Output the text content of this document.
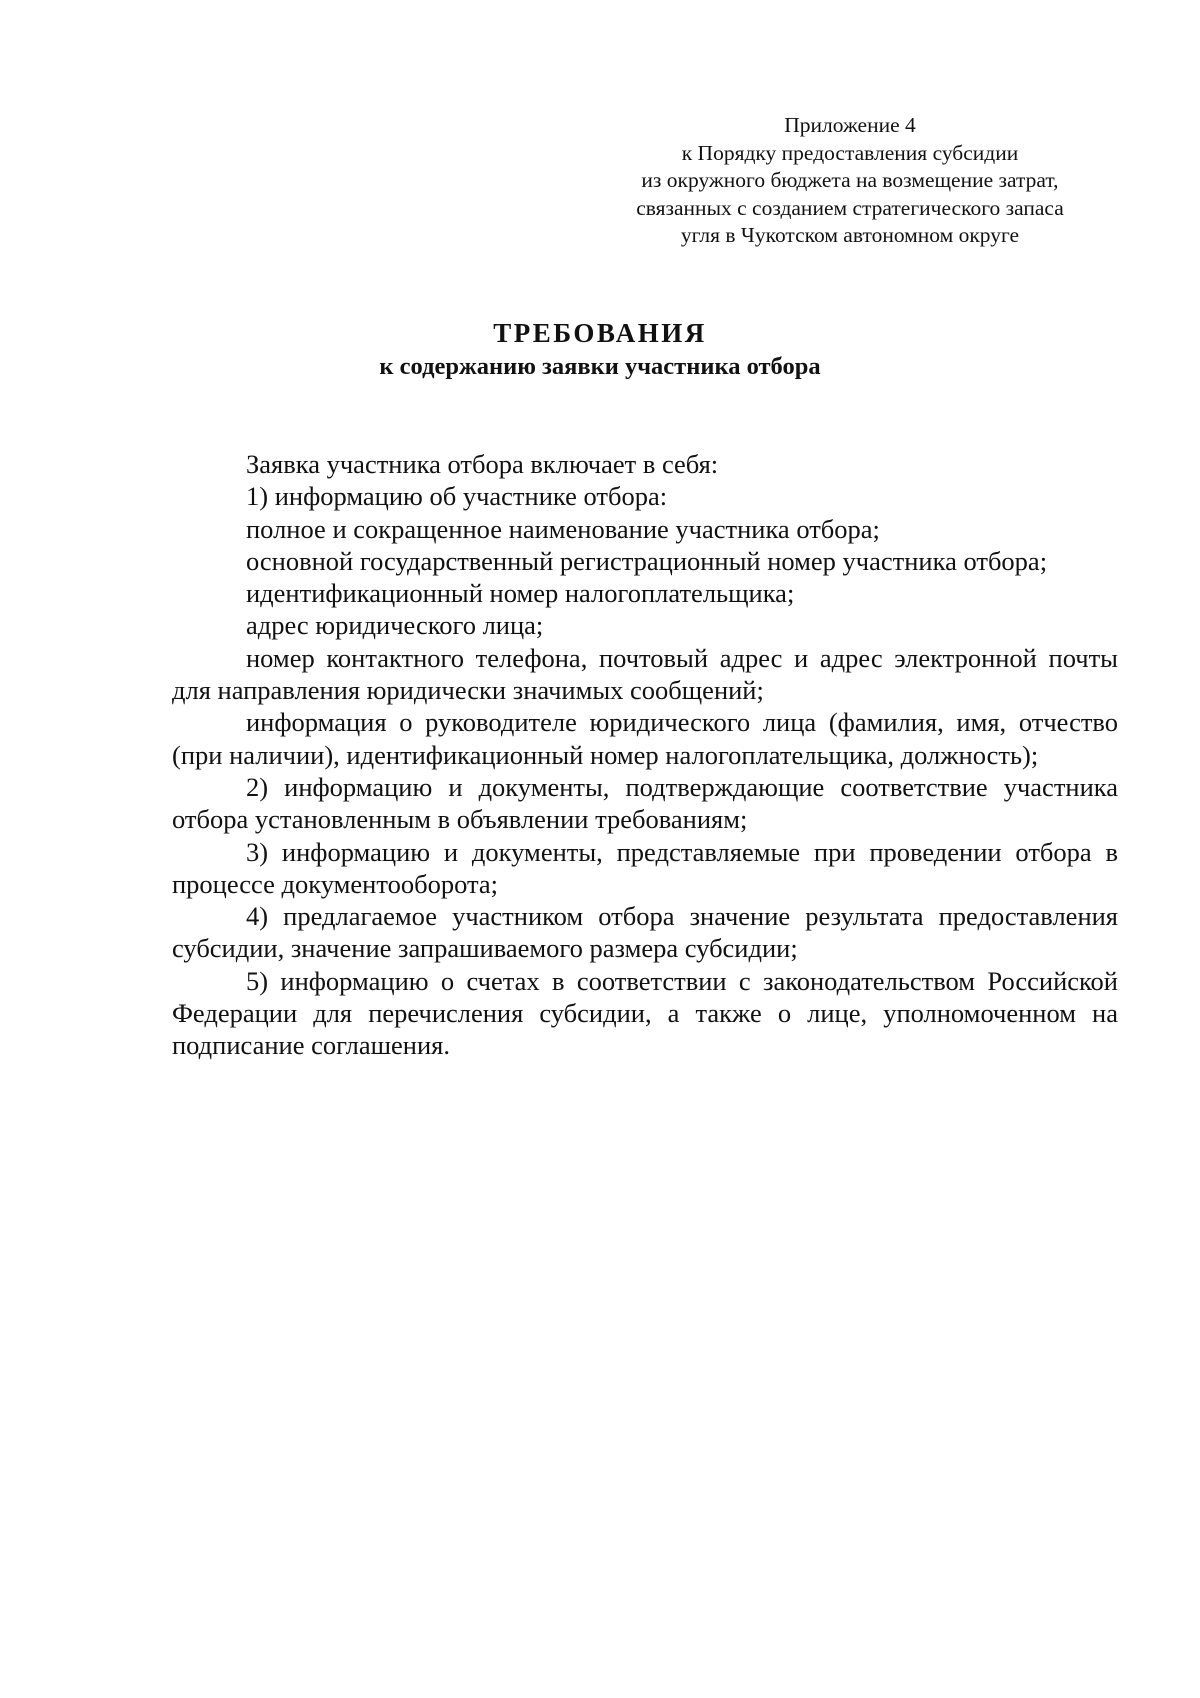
Приложение 4
к Порядку предоставления субсидии
из окружного бюджета на возмещение затрат,
связанных с созданием стратегического запаса
угля в Чукотском автономном округе
ТРЕБОВАНИЯ
к содержанию заявки участника отбора

Заявка участника отбора включает в себя:

1) информацию об участнике отбора:

полное и сокращенное наименование участника отбора;

основной государственный регистрационный номер участника отбора;

идентификационный номер налогоплательщика;

адрес юридического лица;

номер контактного телефона, почтовый адрес и адрес электронной почты для направления юридически значимых сообщений;

информация о руководителе юридического лица (фамилия, имя, отчество (при наличии), идентификационный номер налогоплательщика, должность);

2) информацию и документы, подтверждающие соответствие участника отбора установленным в объявлении требованиям;

3) информацию и документы, представляемые при проведении отбора в процессе документооборота;

4) предлагаемое участником отбора значение результата предоставления субсидии, значение запрашиваемого размера субсидии;

5) информацию о счетах в соответствии с законодательством Российской Федерации для перечисления субсидии, а также о лице, уполномоченном на подписание соглашения.
